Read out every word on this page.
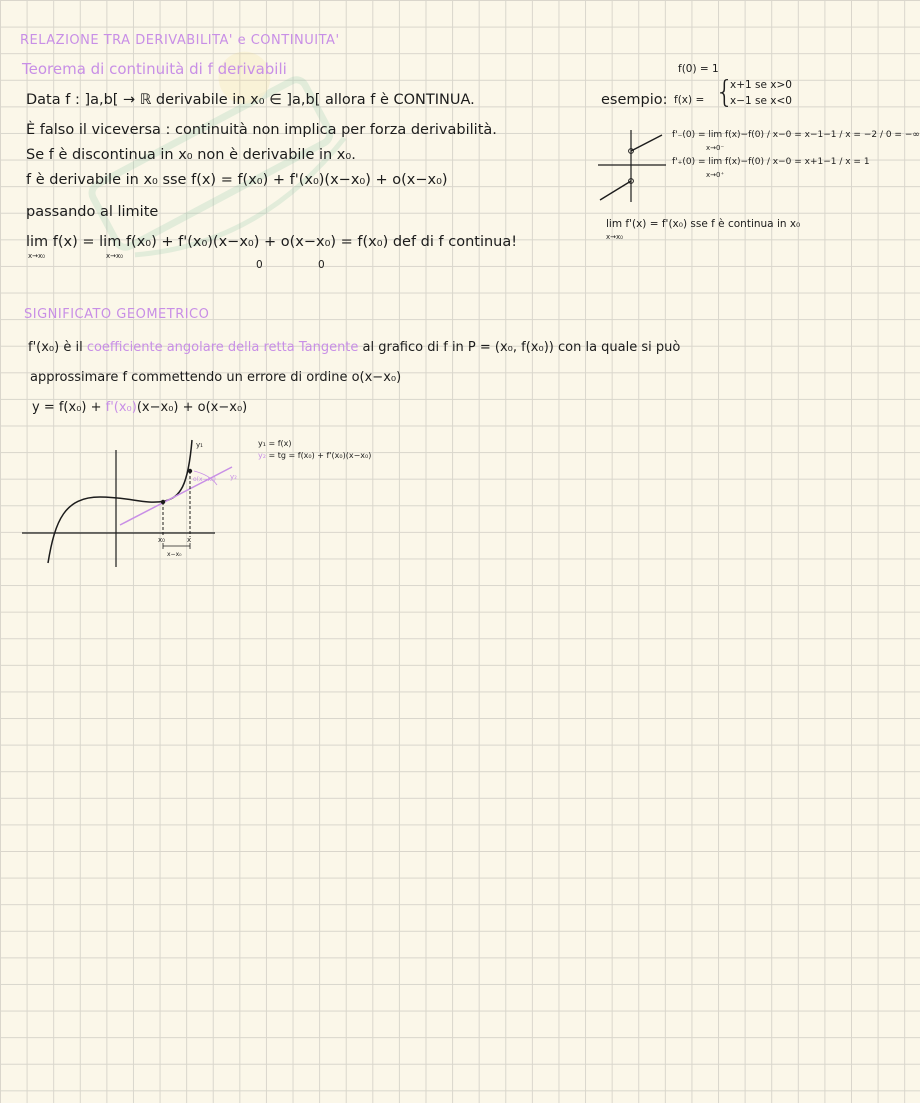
RELAZIONE TRA DERIVABILITA' e CONTINUITA'
Teorema di continuità di f derivabili
Data f : ]a,b[ → ℝ derivabile in x₀ ∈ ]a,b[ allora f è CONTINUA.
È falso il viceversa : continuità non implica per forza derivabilità.
Se f è discontinua in x₀ non è derivabile in x₀.
f è derivabile in x₀ sse f(x) = f(x₀) + f'(x₀)(x−x₀) + o(x−x₀)
passando al limite
lim f(x) = lim f(x₀) + f'(x₀)(x−x₀) + o(x−x₀) = f(x₀) def di f continua!
x→x₀	x→x₀
0	0
f(0) = 1
esempio: f(x) = {
x+1 se x>0
x−1 se x<0
f'₋(0) = lim f(x)−f(0) / x−0 = x−1−1 / x = −2 / 0 = −∞
x→0⁻
f'₊(0) = lim f(x)−f(0) / x−0 = x+1−1 / x = 1
x→0⁺
lim f'(x) = f'(x₀) sse f è continua in x₀
x→x₀
SIGNIFICATO GEOMETRICO
f'(x₀) è il coefficiente angolare della retta Tangente al grafico di f in P = (x₀, f(x₀)) con la quale si può
approssimare f commettendo un errore di ordine o(x−x₀)
y = f(x₀) + f'(x₀)(x−x₀) + o(x−x₀)
y₁ = f(x)
y₂ = tg = f(x₀) + f'(x₀)(x−x₀)
y₁
y₂
o(x−x₀)
x₀	x
x−x₀
